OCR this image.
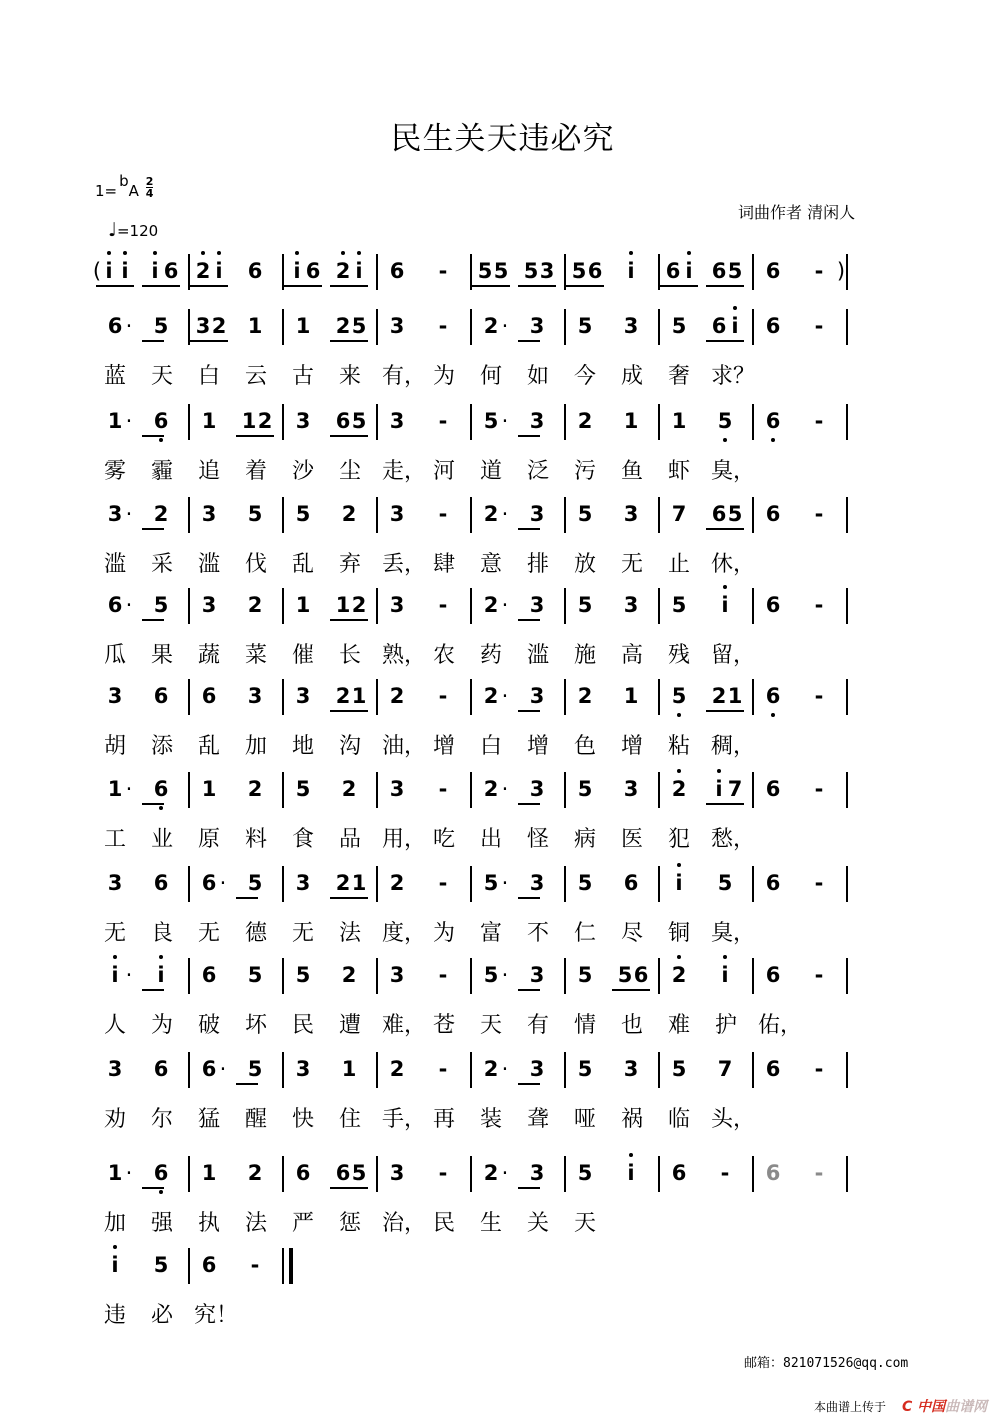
民生关天违必究
$1=bA \frac{2}{4}$
♩=120
词曲作者 清闲人
( i i	i 6 2 i	6	i 6 2 i	6	-	5 5 5 3 5 6	i	6 i 6 5 6	- )
6 ·	5 3 2 1 1 2 5 3	-	2 ·	3 5 3 5 6 i	6	-
蓝 天 白 云 古 来 有， 为 何 如 今 成 奢 求？
1 ·	6 1 1 2 3 6 5 3	-	5 ·	3 2 1 1 5 6	-
雾 霾 追 着 沙 尘 走， 河 道 泛 污 鱼 虾 臭，
3 ·	2 3 5 5 2 3	-	2 ·	3 5 3 7 6 5 6	-
滥 采 滥 伐 乱 弃 丢， 肆 意 排 放 无 止 休，
6 ·	5 3 2 1 1 2 3	-	2 ·	3 5 3 5	i	6	-
瓜 果 蔬 菜 催 长 熟， 农 药 滥 施 高 残 留，
3 6 6 3 3 2 1 2	-	2 ·	3 2 1 5 2 1 6	-
胡 添 乱 加 地 沟 油， 增 白 增 色 增 粘 稠，
1 ·	6 1 2 5 2 3	-	2 ·	3 5 3 2	i 7 6	-
工 业 原 料 食 品 用， 吃 出 怪 病 医 犯 愁，
3 6 6 ·	5 3 2 1 2	-	5 ·	3 5 6	i	5 6	-
无 良 无 德 无 法 度， 为 富 不 仁 尽 铜 臭，
i ·	i	6 5 5 2 3	-	5 ·	3 5 5 6 2	i	6	-
人 为 破 坏 民 遭 难， 苍 天 有 情 也 难 护 佑，
3 6 6 ·	5 3 1 2	-	2 ·	3 5 3 5 7 6	-
劝 尔 猛 醒 快 住 手， 再 装 聋 哑 祸 临 头，
1 ·	6 1 2 6 6 5 3	-	2 ·	3 5	i	6	-	6	-
加 强 执 法 严 惩 治， 民 生 关 天
i	5 6	-
违 必 究！
邮箱：821071526@qq.com
本曲谱上传于 C 中国曲谱网
